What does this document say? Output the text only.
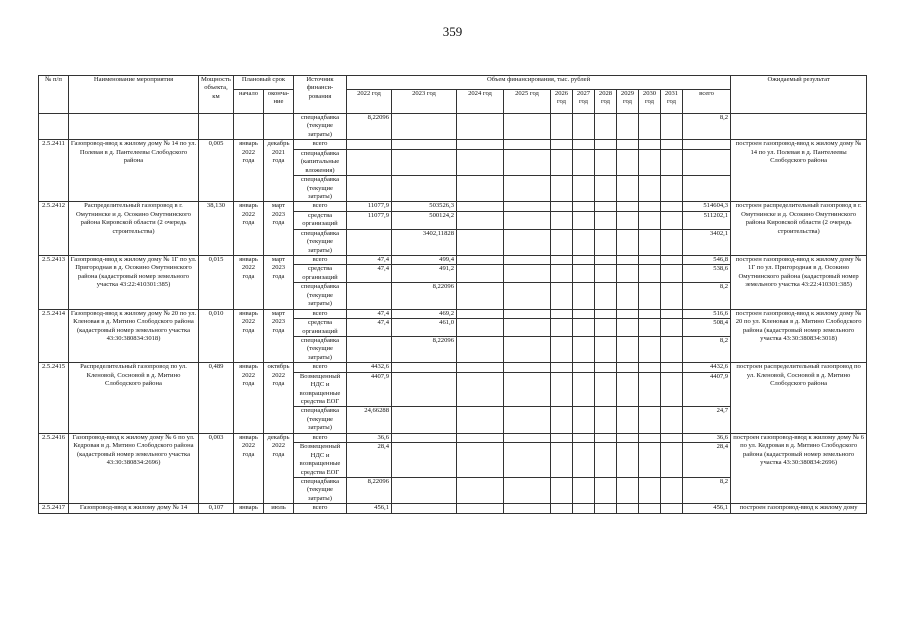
359
№ п/п	Наименование мероприятия	Мощность объекта, км	Плановый срок		Источник финанси-рования	Объем финансирования, тыс. рублей											Ожидаемый результат
			начало	оконча-ние		2022 год	2023 год	2024 год	2025 год	2026 год	2027 год	2028 год	2029 год	2030 год	2031 год	всего	
					спецнадбавка (текущие затраты)	8,22096										8,2	
2.5.2411	Газопровод-ввод к жилому дому № 14 по ул. Полевая в д. Пантелеевы Слободского района	0,005	январь 2022 года	декабрь 2021 года	всего												построен газопровод-ввод к жилому дому № 14 по ул. Полевая в д. Пантелеевы Слободского района
					спецнадбавка (капитальные вложения)												
					спецнадбавка (текущие затраты)												
2.5.2412	Распределительный газопровод в г. Омутнинске и д. Осокино Омутнинского района Кировской области (2 очередь строительства)	38,130	январь 2022 года	март 2023 года	всего	11077,9	503526,3									514604,3	построен распределительный газопровод в г. Омутнинске и д. Осокино Омутнинского района Кировской области (2 очередь строительства)
					средства организаций	11077,9	500124,2									511202,1	
					спецнадбавка (текущие затраты)		3402,11828									3402,1	
2.5.2413	Газопровод-ввод к жилому дому № 1Г по ул. Пригородная в д. Осокино Омутнинского района (кадастровый номер земельного участка 43:22:410301:385)	0,015	январь 2022 года	март 2023 года	всего	47,4	499,4									546,8	построен газопровод-ввод к жилому дому № 1Г по ул. Пригородная в д. Осокино Омутнинского района (кадастровый номер земельного участка 43:22:410301:385)
					средства организаций	47,4	491,2									538,6	
					спецнадбавка (текущие затраты)		8,22096									8,2	
2.5.2414	Газопровод-ввод к жилому дому № 20 по ул. Кленовая в д. Митино Слободского района (кадастровый номер земельного участка 43:30:380834:3018)	0,010	январь 2022 года	март 2023 года	всего	47,4	469,2									516,6	построен газопровод-ввод к жилому дому № 20 по ул. Кленовая в д. Митино Слободского района (кадастровый номер земельного участка 43:30:380834:3018)
					средства организаций	47,4	461,0									508,4	
					спецнадбавка (текущие затраты)		8,22096									8,2	
2.5.2415	Распределительный газопровод по ул. Кленовой, Сосновой в д. Митино Слободского района	0,489	январь 2022 года	октябрь 2022 года	всего	4432,6										4432,6	построен распределительный газопровод по ул. Кленовой, Сосновой в д. Митино Слободского района
					Возмещенный НДС и возвращенные средства ЕОГ	4407,9										4407,9	
					спецнадбавка (текущие затраты)	24,66288										24,7	
2.5.2416	Газопровод-ввод к жилому дому № 6 по ул. Кедровая в д. Митино Слободского района (кадастровый номер земельного участка 43:30:380834:2696)	0,003	январь 2022 года	декабрь 2022 года	всего	36,6										36,6	построен газопровод-ввод к жилому дому № 6 по ул. Кедровая в д. Митино Слободского района (кадастровый номер земельного участка 43:30:380834:2696)
					Возмещенный НДС и возвращенные средства ЕОГ	28,4										28,4	
					спецнадбавка (текущие затраты)	8,22096										8,2	
2.5.2417	Газопровод-ввод к жилому дому № 14	0,107	январь	июль	всего	456,1										456,1	построен газопровод-ввод к жилому дому
